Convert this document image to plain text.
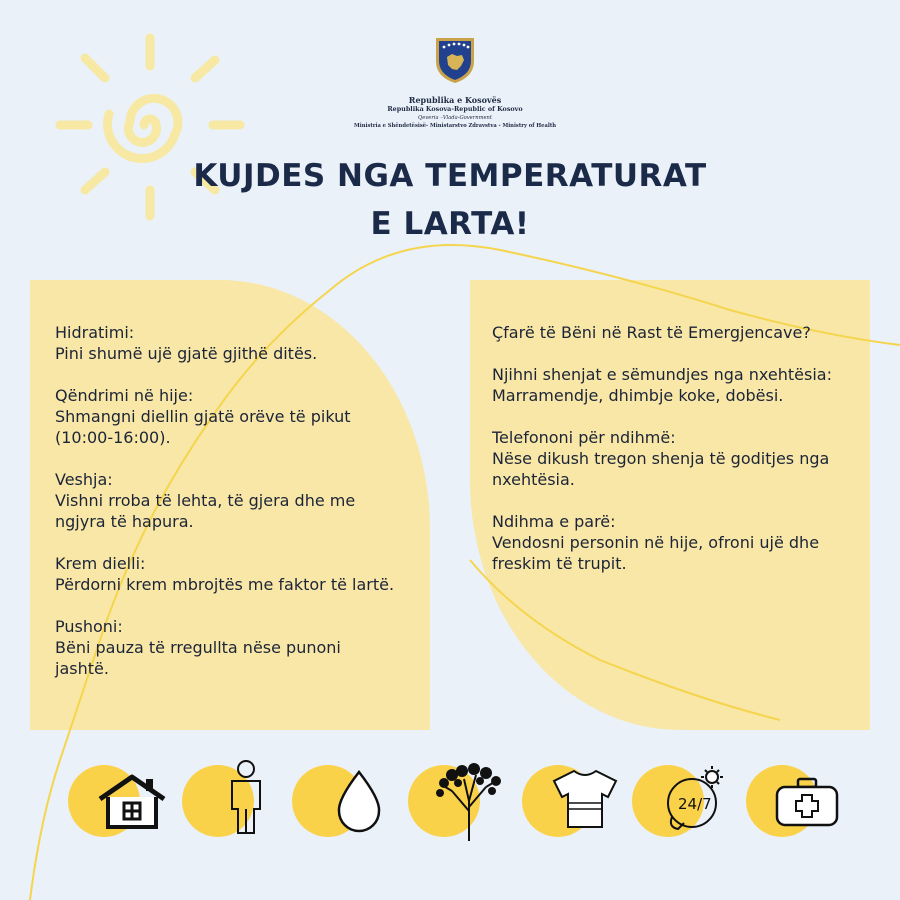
Republika e Kosovës
Republika Kosova-Republic of Kosovo
Qeveria –Vlada-Government
Ministria e Shëndetësisë- Ministarstvo Zdravstva - Ministry of Health
KUJDES NGA TEMPERATURAT
E LARTA!
Hidratimi:
Pini shumë ujë gjatë gjithë ditës.
Qëndrimi në hije:
Shmangni diellin gjatë orëve të pikut (10:00-16:00).
Veshja:
Vishni rroba të lehta, të gjera dhe me ngjyra të hapura.
Krem dielli:
Përdorni krem mbrojtës me faktor të lartë.
Pushoni:
Bëni pauza të rregullta nëse punoni jashtë.
Çfarë të Bëni në Rast të Emergjencave?
Njihni shenjat e sëmundjes nga nxehtësia:
Marramendje, dhimbje koke, dobësi.
Telefononi për ndihmë:
Nëse dikush tregon shenja të goditjes nga nxehtësia.
Ndihma e parë:
Vendosni personin në hije, ofroni ujë dhe freskim të trupit.
24/7
